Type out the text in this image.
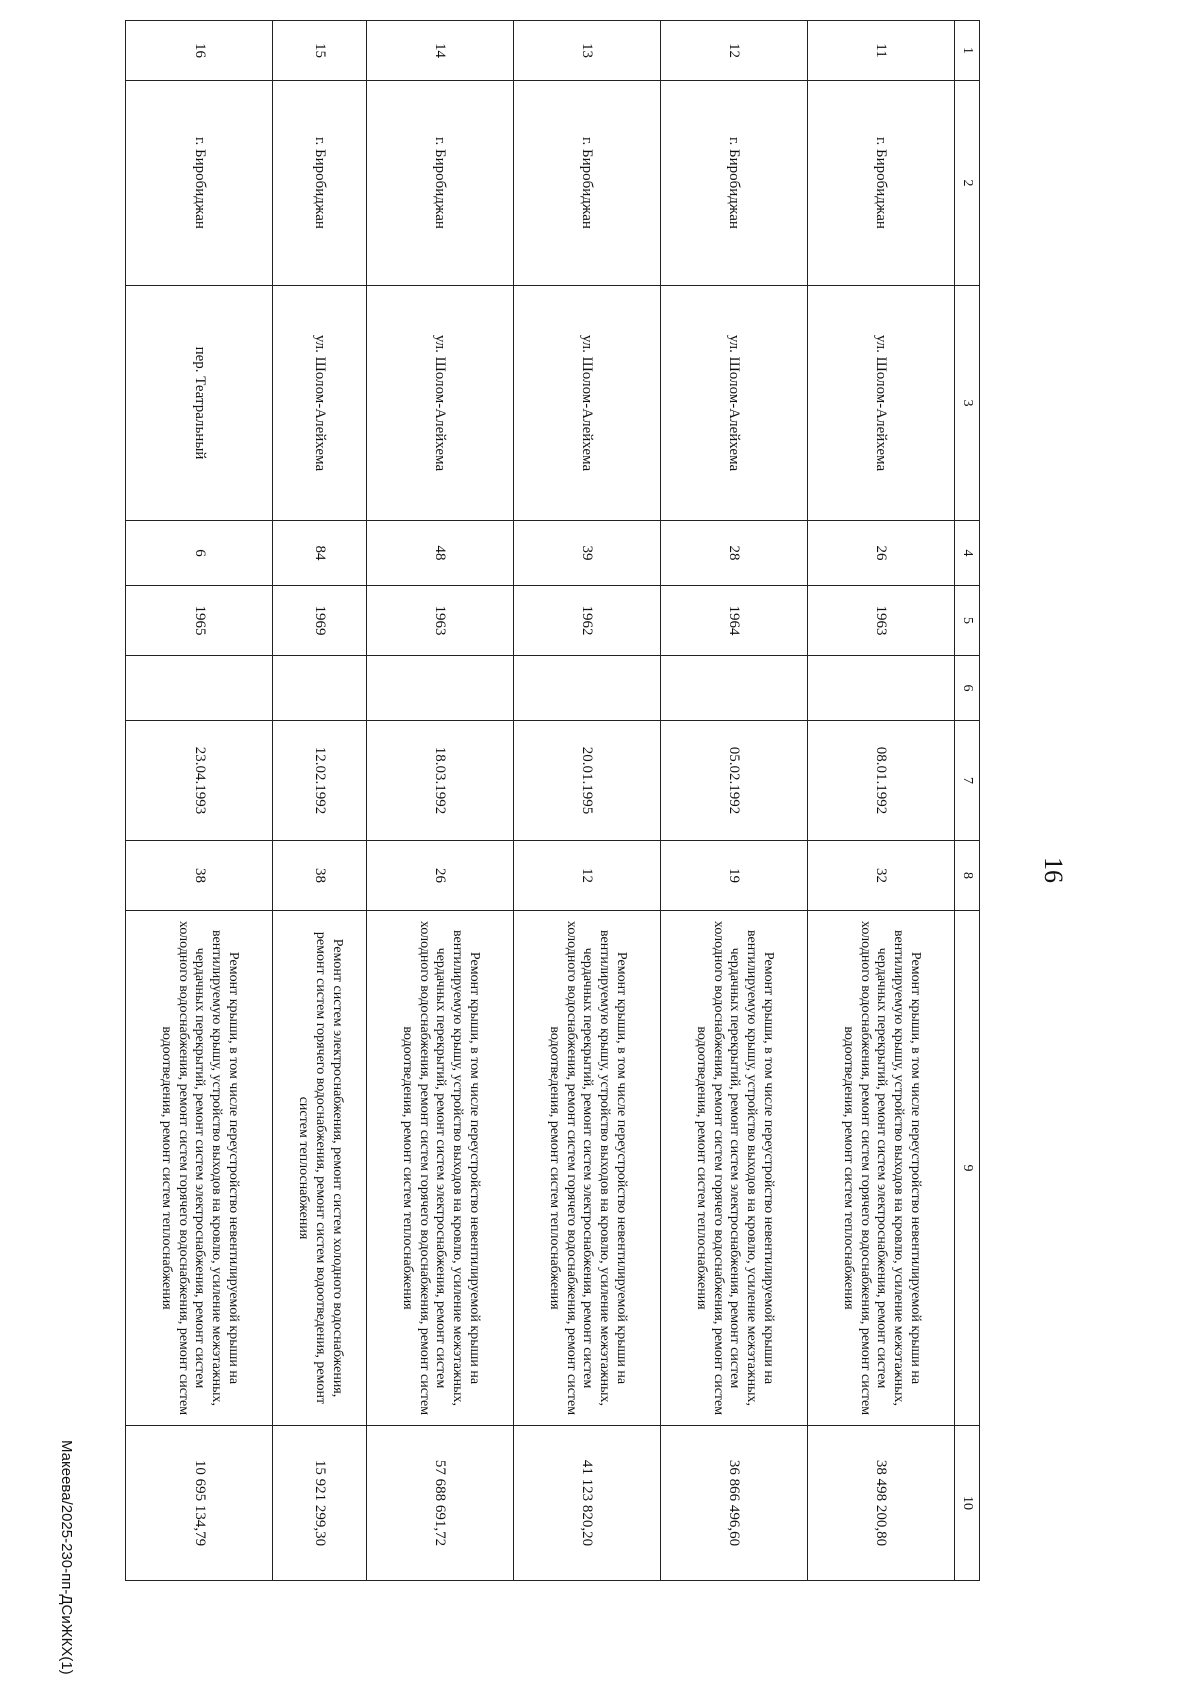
16
1	2	3	4	5	6	7	8	9	10
11	г. Биробиджан	ул. Шолом-Алейхема	26	1963		08.01.1992	32	Ремонт крыши, в том числе переустройство невентилируемой крыши на вентилируемую крышу, устройство выходов на кровлю, усиление межэтажных, чердачных перекрытий, ремонт систем электроснабжения, ремонт систем холодного водоснабжения, ремонт систем горячего водоснабжения, ремонт систем водоотведения, ремонт систем теплоснабжения	38 498 200,80
12	г. Биробиджан	ул. Шолом-Алейхема	28	1964		05.02.1992	19	Ремонт крыши, в том числе переустройство невентилируемой крыши на вентилируемую крышу, устройство выходов на кровлю, усиление межэтажных, чердачных перекрытий, ремонт систем электроснабжения, ремонт систем холодного водоснабжения, ремонт систем горячего водоснабжения, ремонт систем водоотведения, ремонт систем теплоснабжения	36 866 496,60
13	г. Биробиджан	ул. Шолом-Алейхема	39	1962		20.01.1995	12	Ремонт крыши, в том числе переустройство невентилируемой крыши на вентилируемую крышу, устройство выходов на кровлю, усиление межэтажных, чердачных перекрытий, ремонт систем электроснабжения, ремонт систем холодного водоснабжения, ремонт систем горячего водоснабжения, ремонт систем водоотведения, ремонт систем теплоснабжения	41 123 820,20
14	г. Биробиджан	ул. Шолом-Алейхема	48	1963		18.03.1992	26	Ремонт крыши, в том числе переустройство невентилируемой крыши на вентилируемую крышу, устройство выходов на кровлю, усиление межэтажных, чердачных перекрытий, ремонт систем электроснабжения, ремонт систем холодного водоснабжения, ремонт систем горячего водоснабжения, ремонт систем водоотведения, ремонт систем теплоснабжения	57 688 691,72
15	г. Биробиджан	ул. Шолом-Алейхема	84	1969		12.02.1992	38	Ремонт систем электроснабжения, ремонт систем холодного водоснабжения, ремонт систем горячего водоснабжения, ремонт систем водоотведения, ремонт систем теплоснабжения	15 921 299,30
16	г. Биробиджан	пер. Театральный	6	1965		23.04.1993	38	Ремонт крыши, в том числе переустройство невентилируемой крыши на вентилируемую крышу, устройство выходов на кровлю, усиление межэтажных, чердачных перекрытий, ремонт систем электроснабжения, ремонт систем холодного водоснабжения, ремонт систем горячего водоснабжения, ремонт систем водоотведения, ремонт систем теплоснабжения	10 695 134,79
Макеева/2025-230-пп-ДСиЖКХ(1)
